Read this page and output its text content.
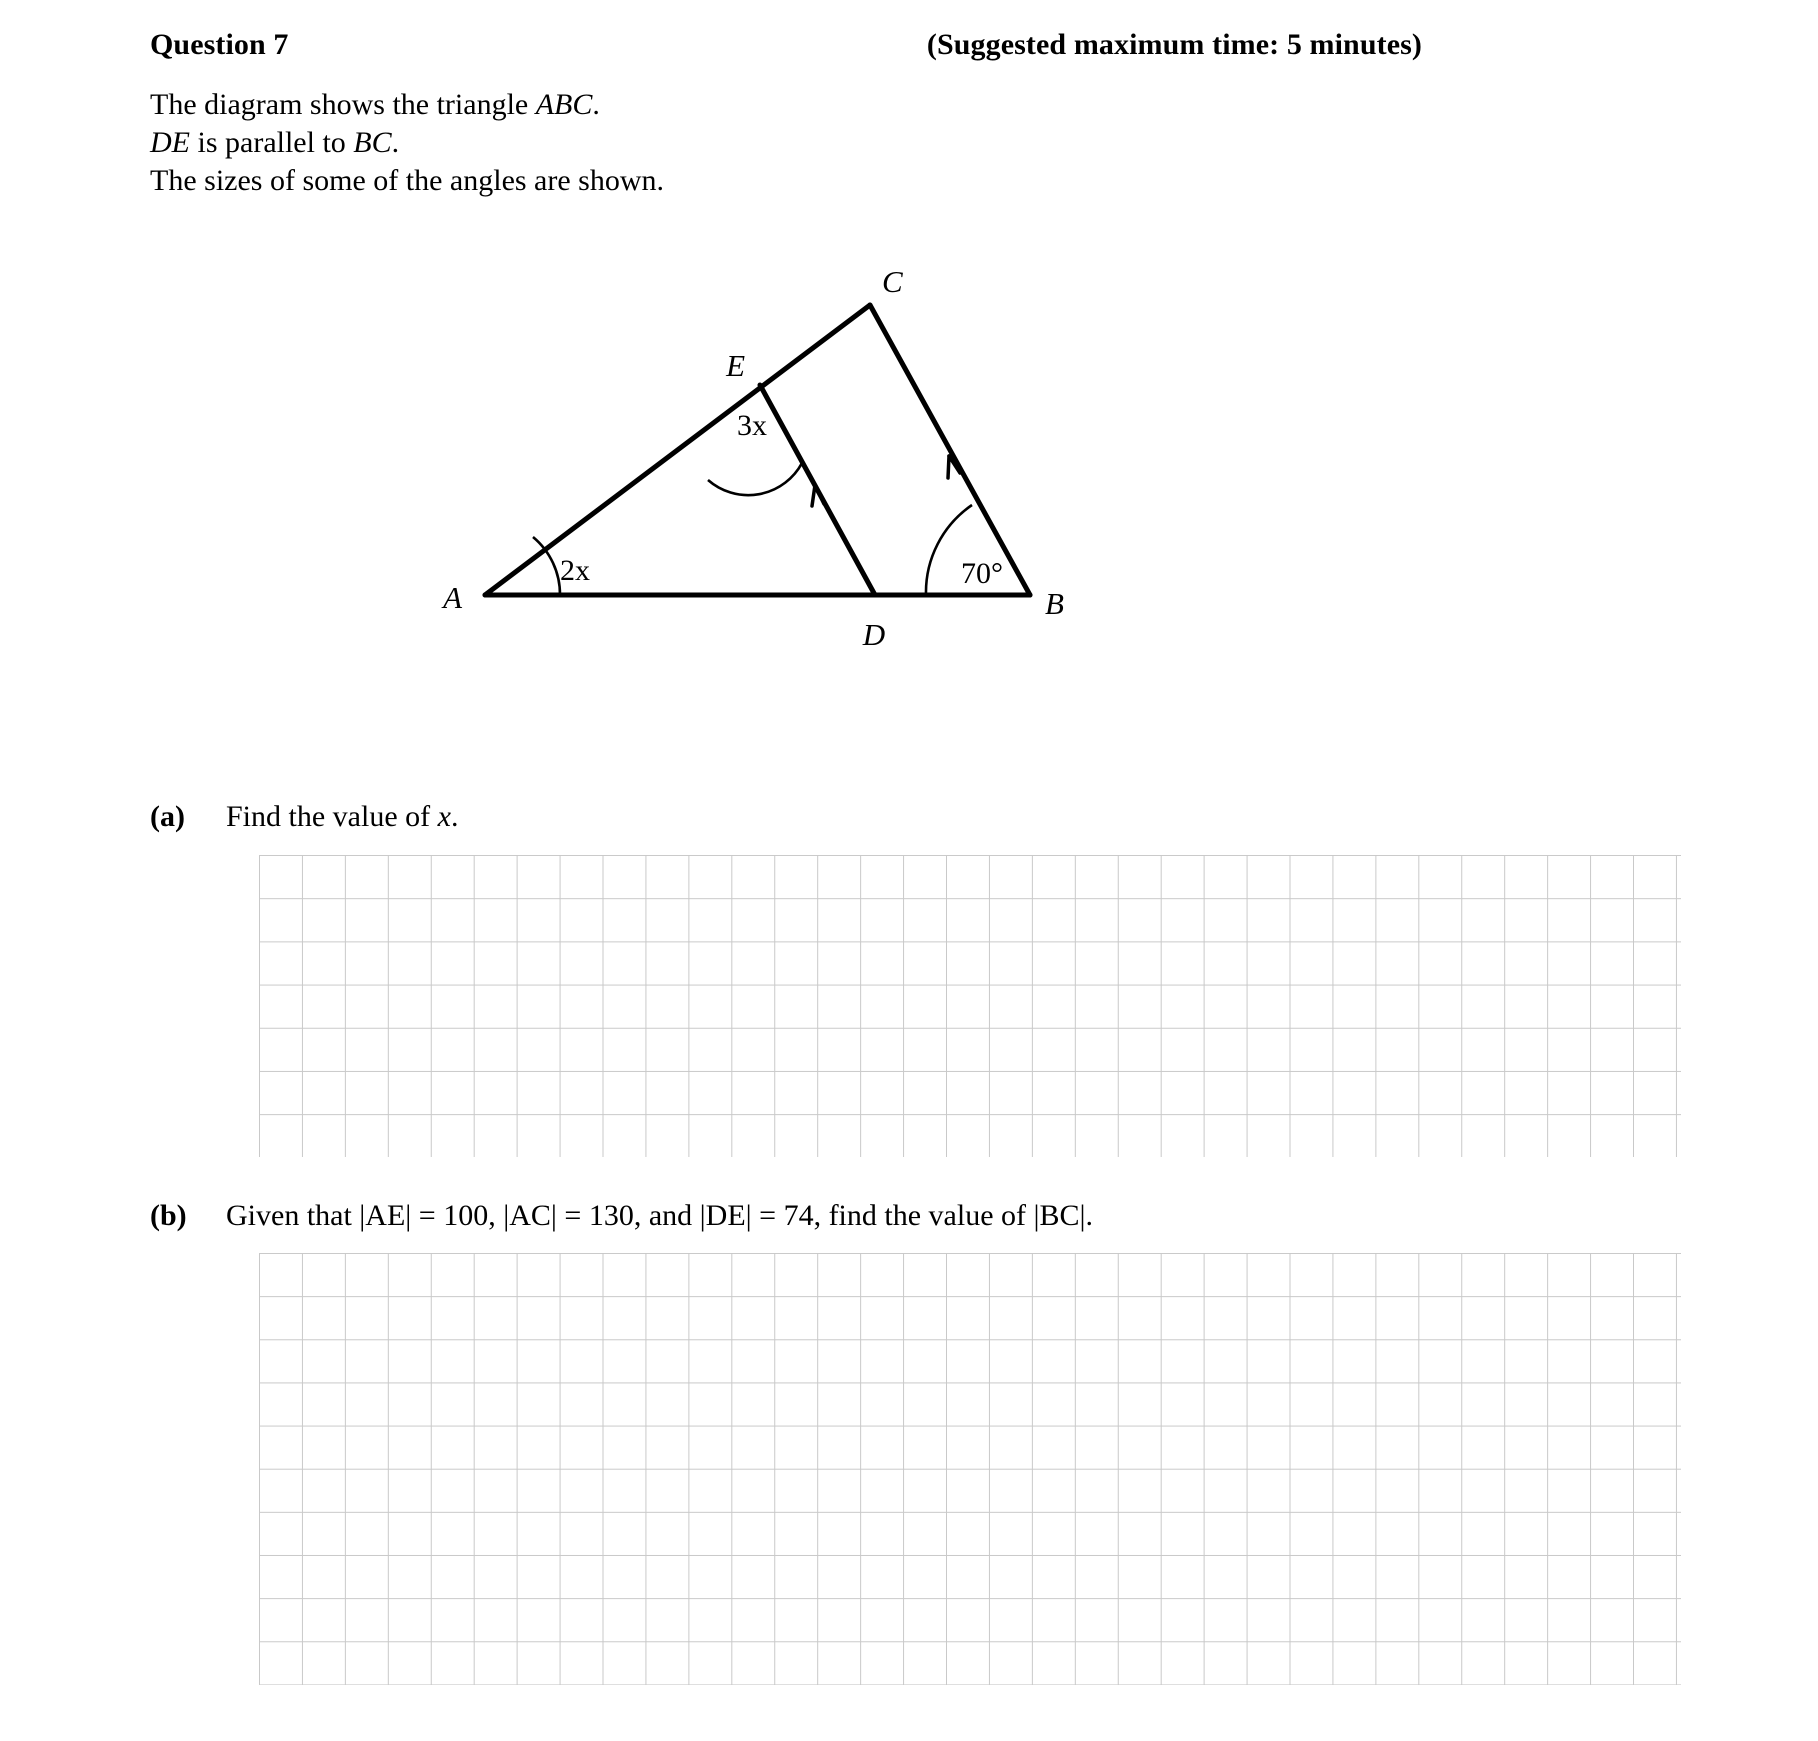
Question 7	(Suggested maximum time: 5 minutes)
The diagram shows the triangle ABC.
DE is parallel to BC.
The sizes of some of the angles are shown.
A	B
C
D
E
2x
3x
70°
(a) Find the value of x.
(b) Given that |AE| = 100, |AC| = 130, and |DE| = 74, find the value of |BC|.
